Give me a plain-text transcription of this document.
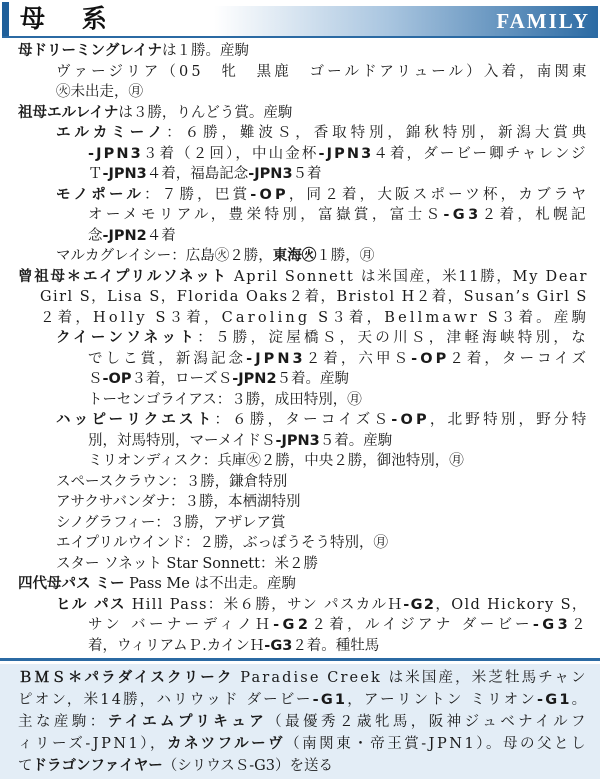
母 系	FAMILY
母ドリーミングレイナは１勝。産駒
ヴァージリア（05　牝　黒鹿　ゴールドアリュール）入着，南関東
㊋未出走，㊊
祖母エルレイナは３勝，りんどう賞。産駒
エルカミーノ：６勝，難波Ｓ，香取特別，錦秋特別，新潟大賞典
-JPN3３着（２回），中山金杯-JPN3４着，ダービー卿チャレンジ
Ｔ-JPN3４着，福島記念-JPN3５着
モノポール：７勝，巴賞-OP，同２着，大阪スポーツ杯，カブラヤ
オーメモリアル，豊栄特別，富嶽賞，富士Ｓ-G3２着，札幌記
念-JPN2４着
マルカグレイシー：広島㊋２勝，東海㊋１勝，㊊
曾祖母＊エイプリルソネット April Sonnett は米国産，米11勝，My Dear
Girl S，Lisa S，Florida Oaks２着，Bristol H２着，Susan’s Girl S
２着，Holly S３着，Caroling S３着，Bellmawr S３着。産駒
クイーンソネット：５勝，淀屋橋Ｓ，天の川Ｓ，津軽海峡特別，な
でしこ賞，新潟記念-JPN3２着，六甲Ｓ-OP２着，ターコイズ
Ｓ-OP３着，ローズＳ-JPN2５着。産駒
トーセンゴライアス：３勝，成田特別，㊊
ハッピーリクエスト：６勝，ターコイズＳ-OP，北野特別，野分特
別，対馬特別，マーメイドＳ-JPN3５着。産駒
ミリオンディスク：兵庫㊋２勝，中央２勝，御池特別，㊊
スペースクラウン：３勝，鎌倉特別
アサクサバンダナ：３勝，本栖湖特別
シノグラフィー：３勝，アザレア賞
エイプリルウインド：２勝，ぶっぽうそう特別，㊊
スター ソネット Star Sonnett：米２勝
四代母パス ミー Pass Me は不出走。産駒
ヒル パス Hill Pass：米６勝，サン パスカルＨ-G2，Old Hickory S，
サン バーナーディノＨ-G2２着，ルイジアナ ダービー-G3２
着，ウィリアムＰ.カインＨ-G3２着。種牡馬
ＢＭＳ＊パラダイスクリーク Paradise Creek は米国産，米芝牡馬チャン
ピオン，米14勝，ハリウッド ダービー-G1，アーリントン ミリオン-G1。
主な産駒：テイエムプリキュア（最優秀２歳牝馬，阪神ジュベナイルフ
ィリーズ-JPN1），カネツフルーヴ（南関東・帝王賞-JPN1）。母の父とし
てドラゴンファイヤー（シリウスＳ-G3）を送る
